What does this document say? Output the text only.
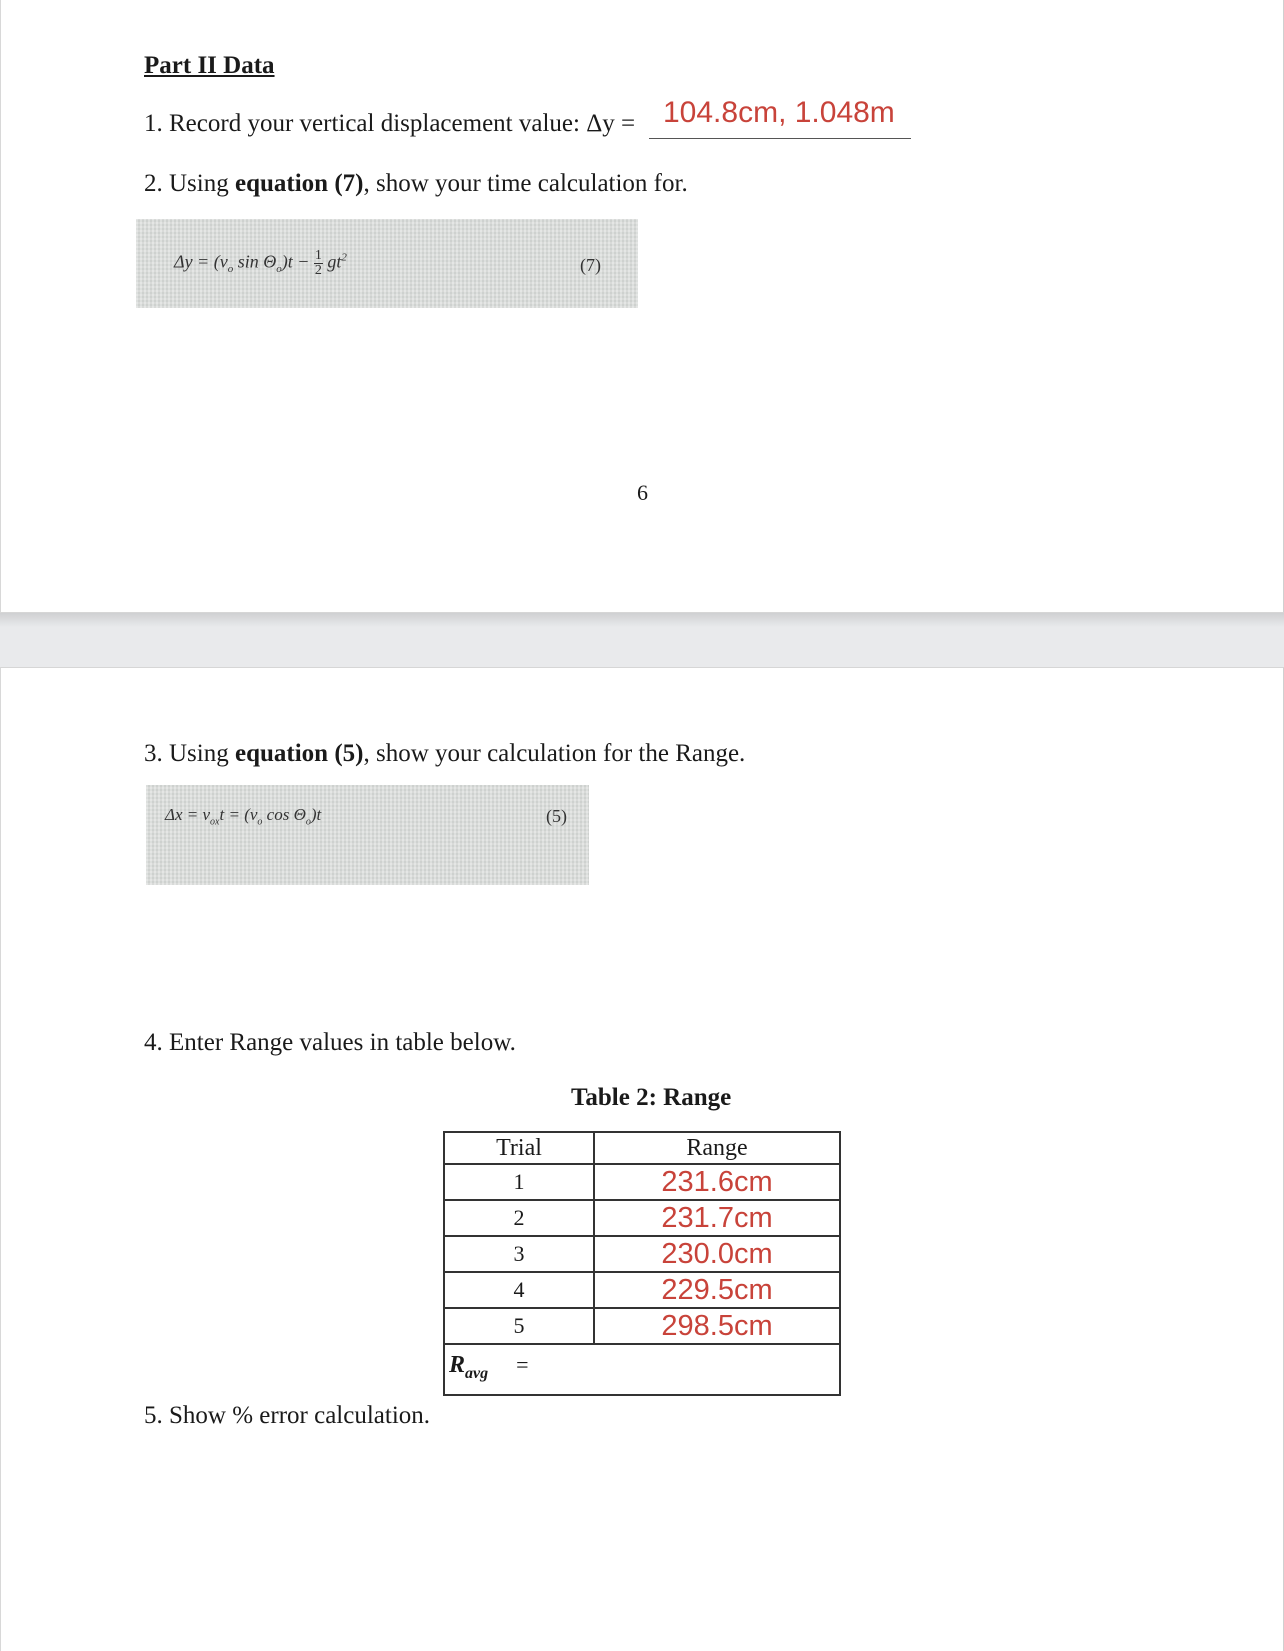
Part II Data
1. Record your vertical displacement value: Δy = 104.8cm, 1.048m
2. Using equation (7), show your time calculation for.
$\Delta y = (v_o$ $\sin \Theta_o)t - \frac{1}{2} gt^2$	(7)
6
3. Using equation (5), show your calculation for the Range.
$\Delta x = v_{ox}t = (v_o$ $\cos \Theta_o)t$	(5)
4. Enter Range values in table below.
Table 2: Range
5. Show % error calculation.
Trial	Range
1	231.6cm
2	231.7cm
3	230.0cm
4	229.5cm
5	298.5cm
$R_{avg}$ =	
